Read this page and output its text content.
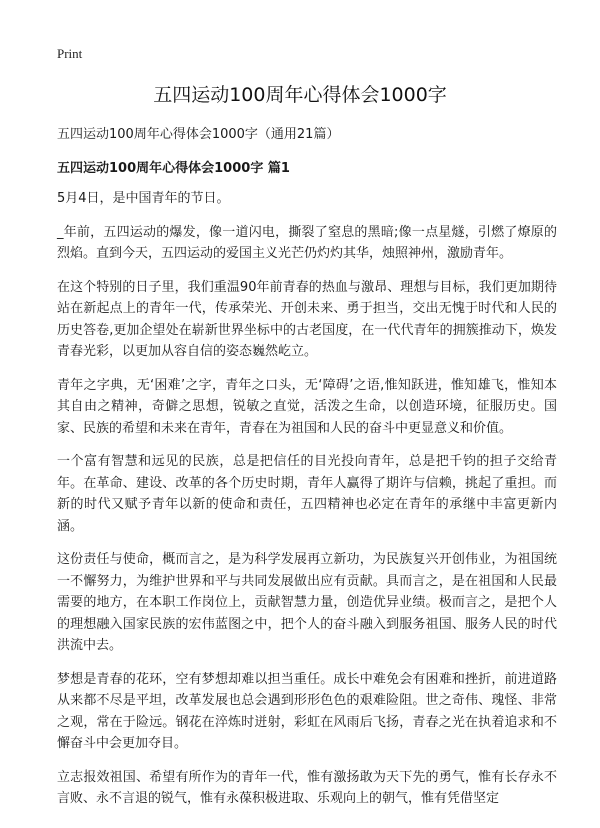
Print
五四运动100周年心得体会1000字

五四运动100周年心得体会1000字（通用21篇）

五四运动100周年心得体会1000字 篇1

5月4日，是中国青年的节日。

_年前，五四运动的爆发，像一道闪电，撕裂了窒息的黑暗;像一点星燧，引燃了燎原的烈焰。直到今天，五四运动的爱国主义光芒仍灼灼其华，烛照神州，激励青年。

在这个特别的日子里，我们重温90年前青春的热血与激昂、理想与目标，我们更加期待站在新起点上的青年一代，传承荣光、开创未来、勇于担当，交出无愧于时代和人民的历史答卷,更加企望处在崭新世界坐标中的古老国度，在一代代青年的拥簇推动下，焕发青春光彩，以更加从容自信的姿态巍然屹立。

青年之字典，无‘困难’之字，青年之口头，无‘障碍’之语,惟知跃进，惟知雄飞，惟知本其自由之精神，奇僻之思想，锐敏之直觉，活泼之生命，以创造环境，征服历史。国家、民族的希望和未来在青年，青春在为祖国和人民的奋斗中更显意义和价值。

一个富有智慧和远见的民族，总是把信任的目光投向青年，总是把千钧的担子交给青年。在革命、建设、改革的各个历史时期，青年人赢得了期许与信赖，挑起了重担。而新的时代又赋予青年以新的使命和责任，五四精神也必定在青年的承继中丰富更新内涵。

这份责任与使命，概而言之，是为科学发展再立新功，为民族复兴开创伟业，为祖国统一不懈努力，为维护世界和平与共同发展做出应有贡献。具而言之，是在祖国和人民最需要的地方，在本职工作岗位上，贡献智慧力量，创造优异业绩。极而言之，是把个人的理想融入国家民族的宏伟蓝图之中，把个人的奋斗融入到服务祖国、服务人民的时代洪流中去。

梦想是青春的花环，空有梦想却难以担当重任。成长中难免会有困难和挫折，前进道路从来都不尽是平坦，改革发展也总会遇到形形色色的艰难险阻。世之奇伟、瑰怪、非常之观，常在于险远。钢花在淬炼时迸射，彩虹在风雨后飞扬，青春之光在执着追求和不懈奋斗中会更加夺目。

立志报效祖国、希望有所作为的青年一代，惟有激扬敢为天下先的勇气，惟有长存永不言败、永不言退的锐气，惟有永葆积极进取、乐观向上的朝气，惟有凭借坚定
